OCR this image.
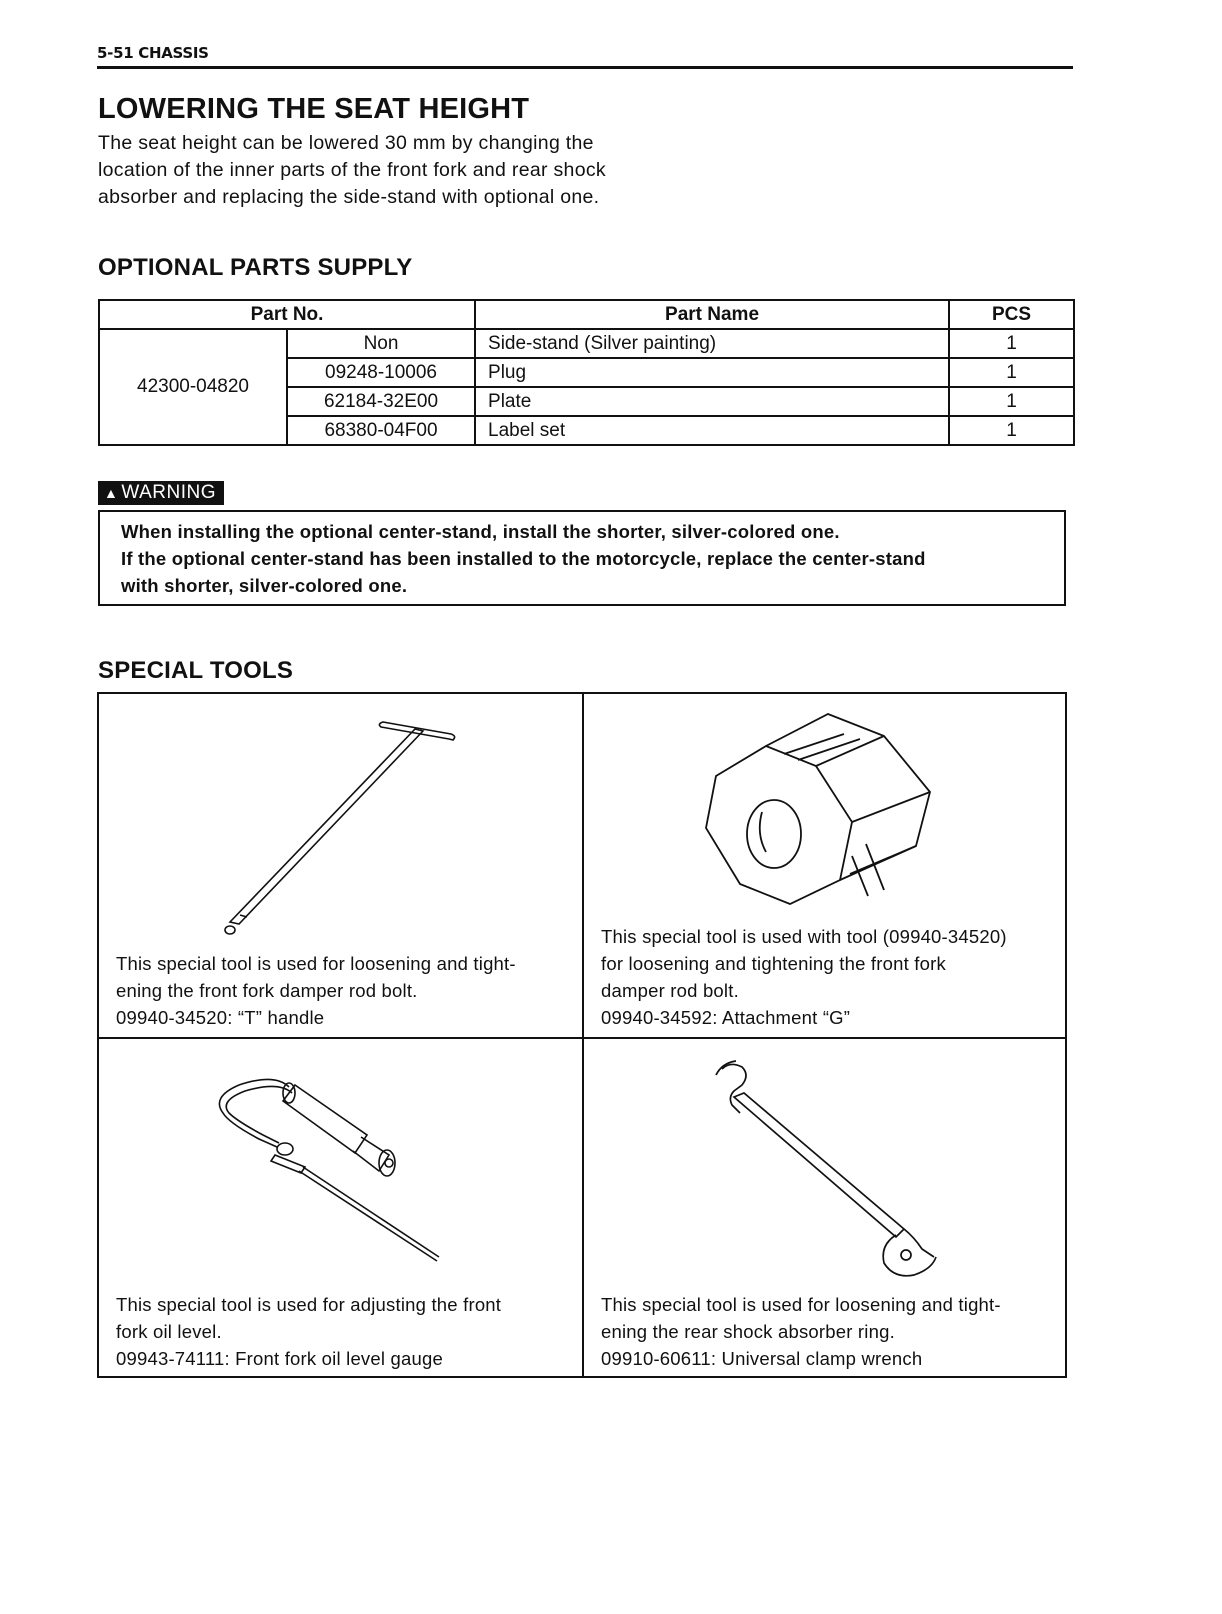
5-51 CHASSIS
LOWERING THE SEAT HEIGHT
The seat height can be lowered 30 mm by changing the
location of the inner parts of the front fork and rear shock
absorber and replacing the side-stand with optional one.
OPTIONAL PARTS SUPPLY
Part No.		Part Name	PCS
42300-04820	Non	Side-stand (Silver painting)	1
	09248-10006	Plug	1
	62184-32E00	Plate	1
	68380-04F00	Label set	1
▲ WARNING

When installing the optional center-stand, install the shorter, silver-colored one.

If the optional center-stand has been installed to the motorcycle, replace the center-stand

with shorter, silver-colored one.

SPECIAL TOOLS
This special tool is used for loosening and tight-
ening the front fork damper rod bolt.
09940-34520: “T” handle
This special tool is used with tool (09940-34520)
for loosening and tightening the front fork
damper rod bolt.
09940-34592: Attachment “G”
This special tool is used for adjusting the front
fork oil level.
09943-74111: Front fork oil level gauge
This special tool is used for loosening and tight-
ening the rear shock absorber ring.
09910-60611: Universal clamp wrench
